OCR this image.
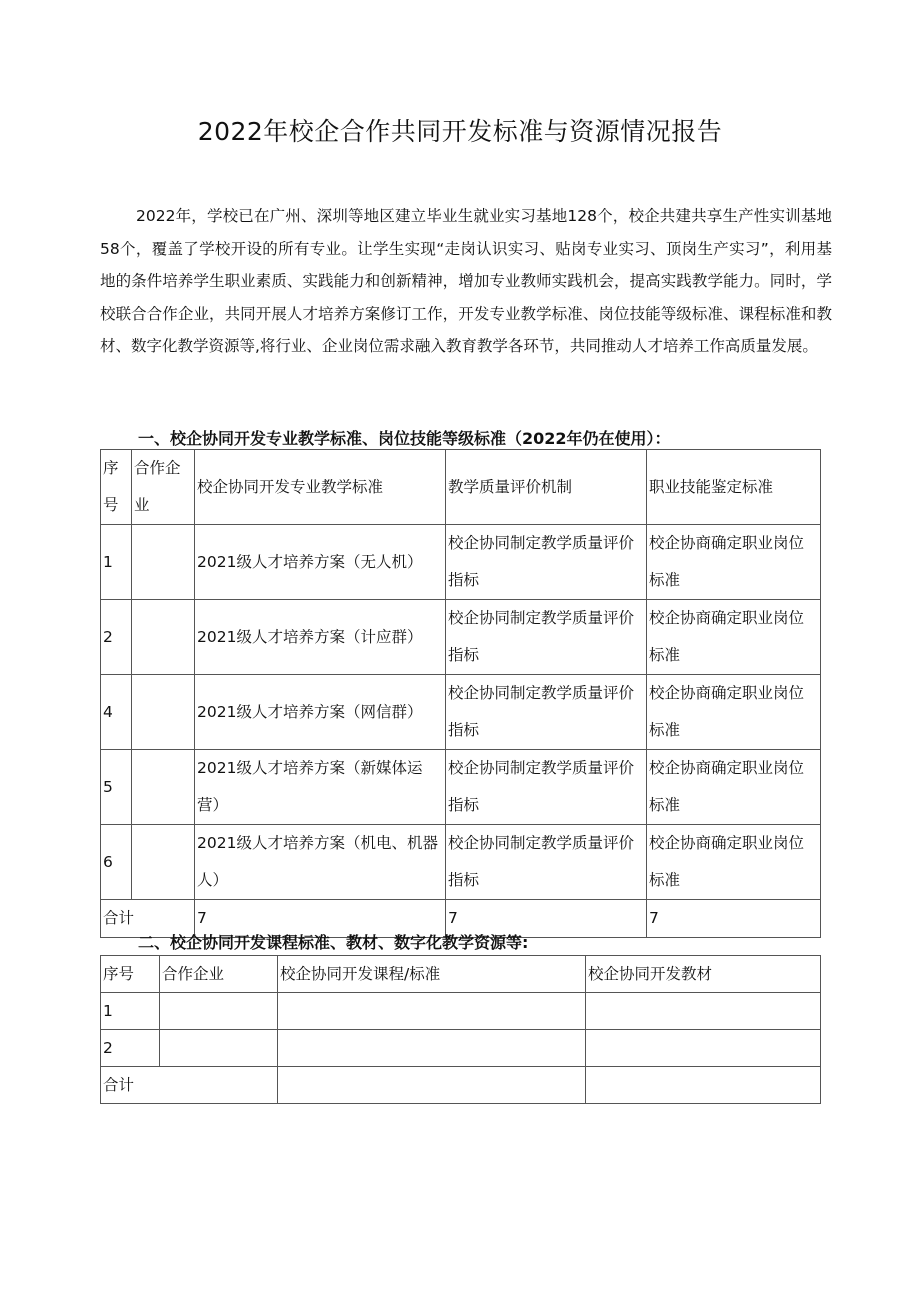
2022年校企合作共同开发标准与资源情况报告

2022年，学校已在广州、深圳等地区建立毕业生就业实习基地128个，校企共建共享生产性实训基地58个，覆盖了学校开设的所有专业。让学生实现“走岗认识实习、贴岗专业实习、顶岗生产实习”，利用基地的条件培养学生职业素质、实践能力和创新精神，增加专业教师实践机会，提高实践教学能力。同时，学校联合合作企业，共同开展人才培养方案修订工作，开发专业教学标准、岗位技能等级标准、课程标准和教材、数字化教学资源等,将行业、企业岗位需求融入教育教学各环节，共同推动人才培养工作高质量发展。

一、校企协同开发专业教学标准、岗位技能等级标准（2022年仍在使用）：
序号	合作企业	校企协同开发专业教学标准	教学质量评价机制	职业技能鉴定标准
1		2021级人才培养方案（无人机）	校企协同制定教学质量评价指标	校企协商确定职业岗位标准
2		2021级人才培养方案（计应群）	校企协同制定教学质量评价指标	校企协商确定职业岗位标准
4		2021级人才培养方案（网信群）	校企协同制定教学质量评价指标	校企协商确定职业岗位标准
5		2021级人才培养方案（新媒体运营）	校企协同制定教学质量评价指标	校企协商确定职业岗位标准
6		2021级人才培养方案（机电、机器人）	校企协同制定教学质量评价指标	校企协商确定职业岗位标准
合计		7	7	7
二、校企协同开发课程标准、教材、数字化教学资源等:
序号	合作企业	校企协同开发课程/标准	校企协同开发教材
1			
2			
合计			
